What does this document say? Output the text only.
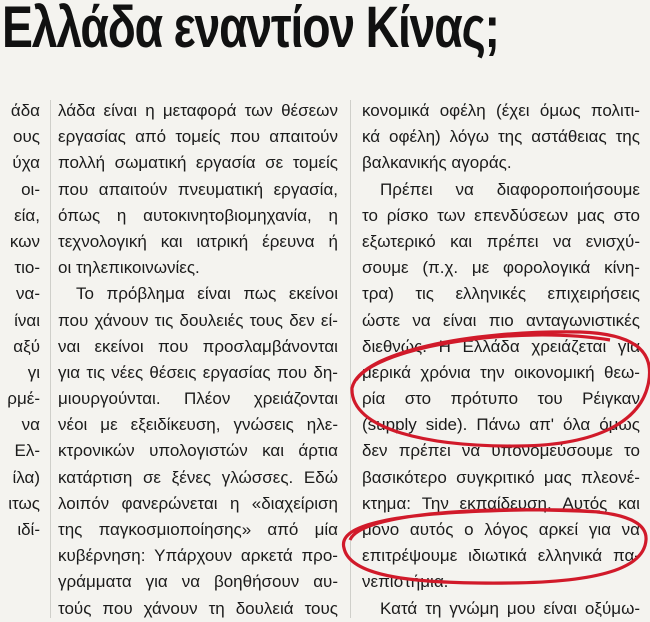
Ελλάδα εναντίον Κίνας;
άδα
ους
ύχα
οι-
εία,
κων
τιο-
να-
ίναι
αξύ
γι
ρμέ-
να
Ελ-
ίλα)
ιτως
ιδί-
λάδα είναι η μεταφορά των θέσεων
εργασίας από τομείς που απαιτούν
πολλή σωματική εργασία σε τομείς
που απαιτούν πνευματική εργασία,
όπως η αυτοκινητοβιομηχανία, η
τεχνολογική και ιατρική έρευνα ή
οι τηλεπικοινωνίες.
Το πρόβλημα είναι πως εκείνοι
που χάνουν τις δουλειές τους δεν εί-
ναι εκείνοι που προσλαμβάνονται
για τις νέες θέσεις εργασίας που δη-
μιουργούνται. Πλέον χρειάζονται
νέοι με εξειδίκευση, γνώσεις ηλε-
κτρονικών υπολογιστών και άρτια
κατάρτιση σε ξένες γλώσσες. Εδώ
λοιπόν φανερώνεται η «διαχείριση
της παγκοσμιοποίησης» από μία
κυβέρνηση: Υπάρχουν αρκετά προ-
γράμματα για να βοηθήσουν αυ-
τούς που χάνουν τη δουλειά τους
κονομικά οφέλη (έχει όμως πολιτι-
κά οφέλη) λόγω της αστάθειας της
βαλκανικής αγοράς.
Πρέπει να διαφοροποιήσουμε
το ρίσκο των επενδύσεων μας στο
εξωτερικό και πρέπει να ενισχύ-
σουμε (π.χ. με φορολογικά κίνη-
τρα) τις ελληνικές επιχειρήσεις
ώστε να είναι πιο ανταγωνιστικές
διεθνώς. Η Ελλάδα χρειάζεται για
μερικά χρόνια την οικονομική θεω-
ρία στο πρότυπο του Ρέιγκαν
(supply side). Πάνω απ' όλα όμως
δεν πρέπει να υπονομεύσουμε το
βασικότερο συγκριτικό μας πλεονέ-
κτημα: Την εκπαίδευση. Αυτός και
μόνο αυτός ο λόγος αρκεί για να
επιτρέψουμε ιδιωτικά ελληνικά πα-
νεπιστήμια.
Κατά τη γνώμη μου είναι οξύμω-
